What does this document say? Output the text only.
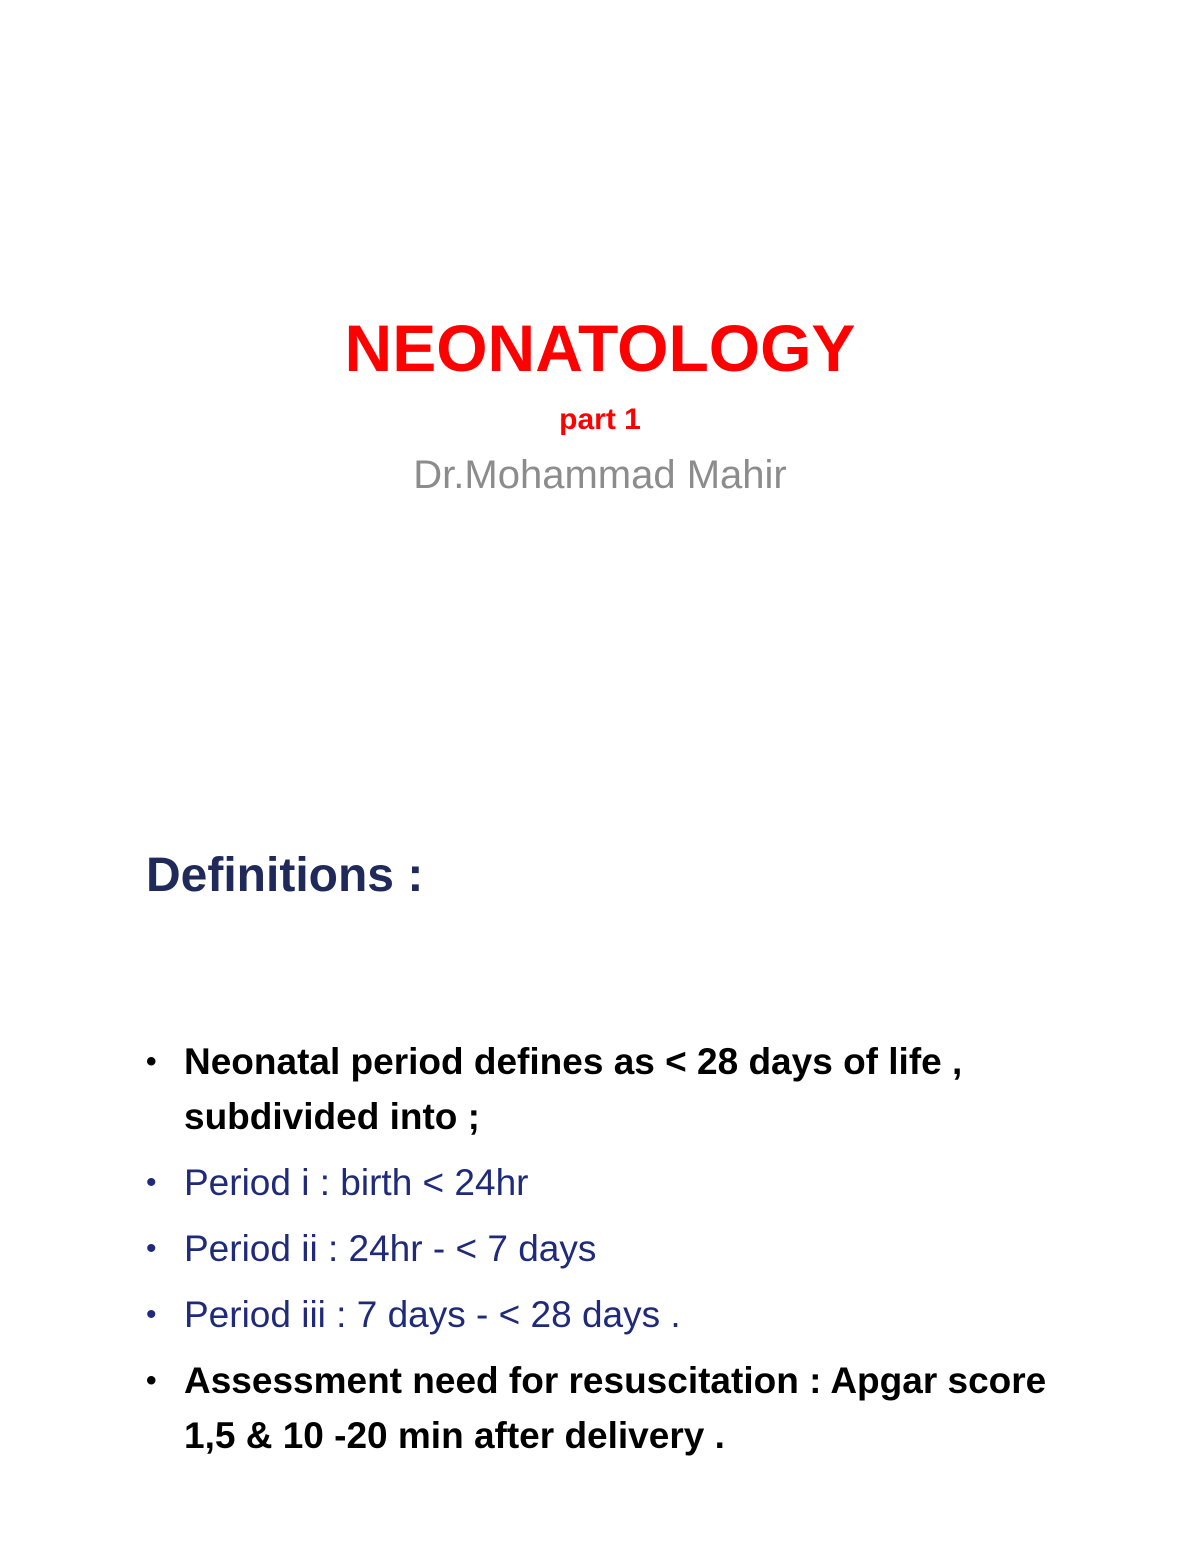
NEONATOLOGY
part 1
Dr.Mohammad Mahir
Definitions :
• Neonatal period defines as < 28 days of life , subdivided into ;
• Period i : birth < 24hr
• Period ii : 24hr - < 7 days
• Period iii : 7 days - < 28 days .
• Assessment need for resuscitation : Apgar score 1,5 & 10 -20 min after delivery .
